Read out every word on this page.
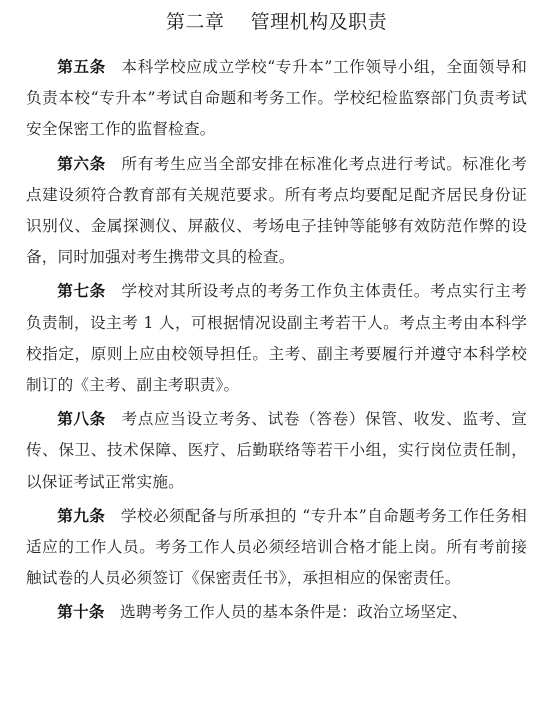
第二章    管理机构及职责

第五条 本科学校应成立学校“专升本”工作领导小组，全面领导和负责本校“专升本”考试自命题和考务工作。学校纪检监察部门负责考试安全保密工作的监督检查。

第六条 所有考生应当全部安排在标准化考点进行考试。标准化考点建设须符合教育部有关规范要求。所有考点均要配足配齐居民身份证识别仪、金属探测仪、屏蔽仪、考场电子挂钟等能够有效防范作弊的设备，同时加强对考生携带文具的检查。

第七条 学校对其所设考点的考务工作负主体责任。考点实行主考负责制，设主考 1 人，可根据情况设副主考若干人。考点主考由本科学校指定，原则上应由校领导担任。主考、副主考要履行并遵守本科学校制订的《主考、副主考职责》。

第八条 考点应当设立考务、试卷（答卷）保管、收发、监考、宣传、保卫、技术保障、医疗、后勤联络等若干小组，实行岗位责任制，以保证考试正常实施。

第九条 学校必须配备与所承担的 “专升本”自命题考务工作任务相适应的工作人员。考务工作人员必须经培训合格才能上岗。所有考前接触试卷的人员必须签订《保密责任书》，承担相应的保密责任。

第十条 选聘考务工作人员的基本条件是：政治立场坚定、
